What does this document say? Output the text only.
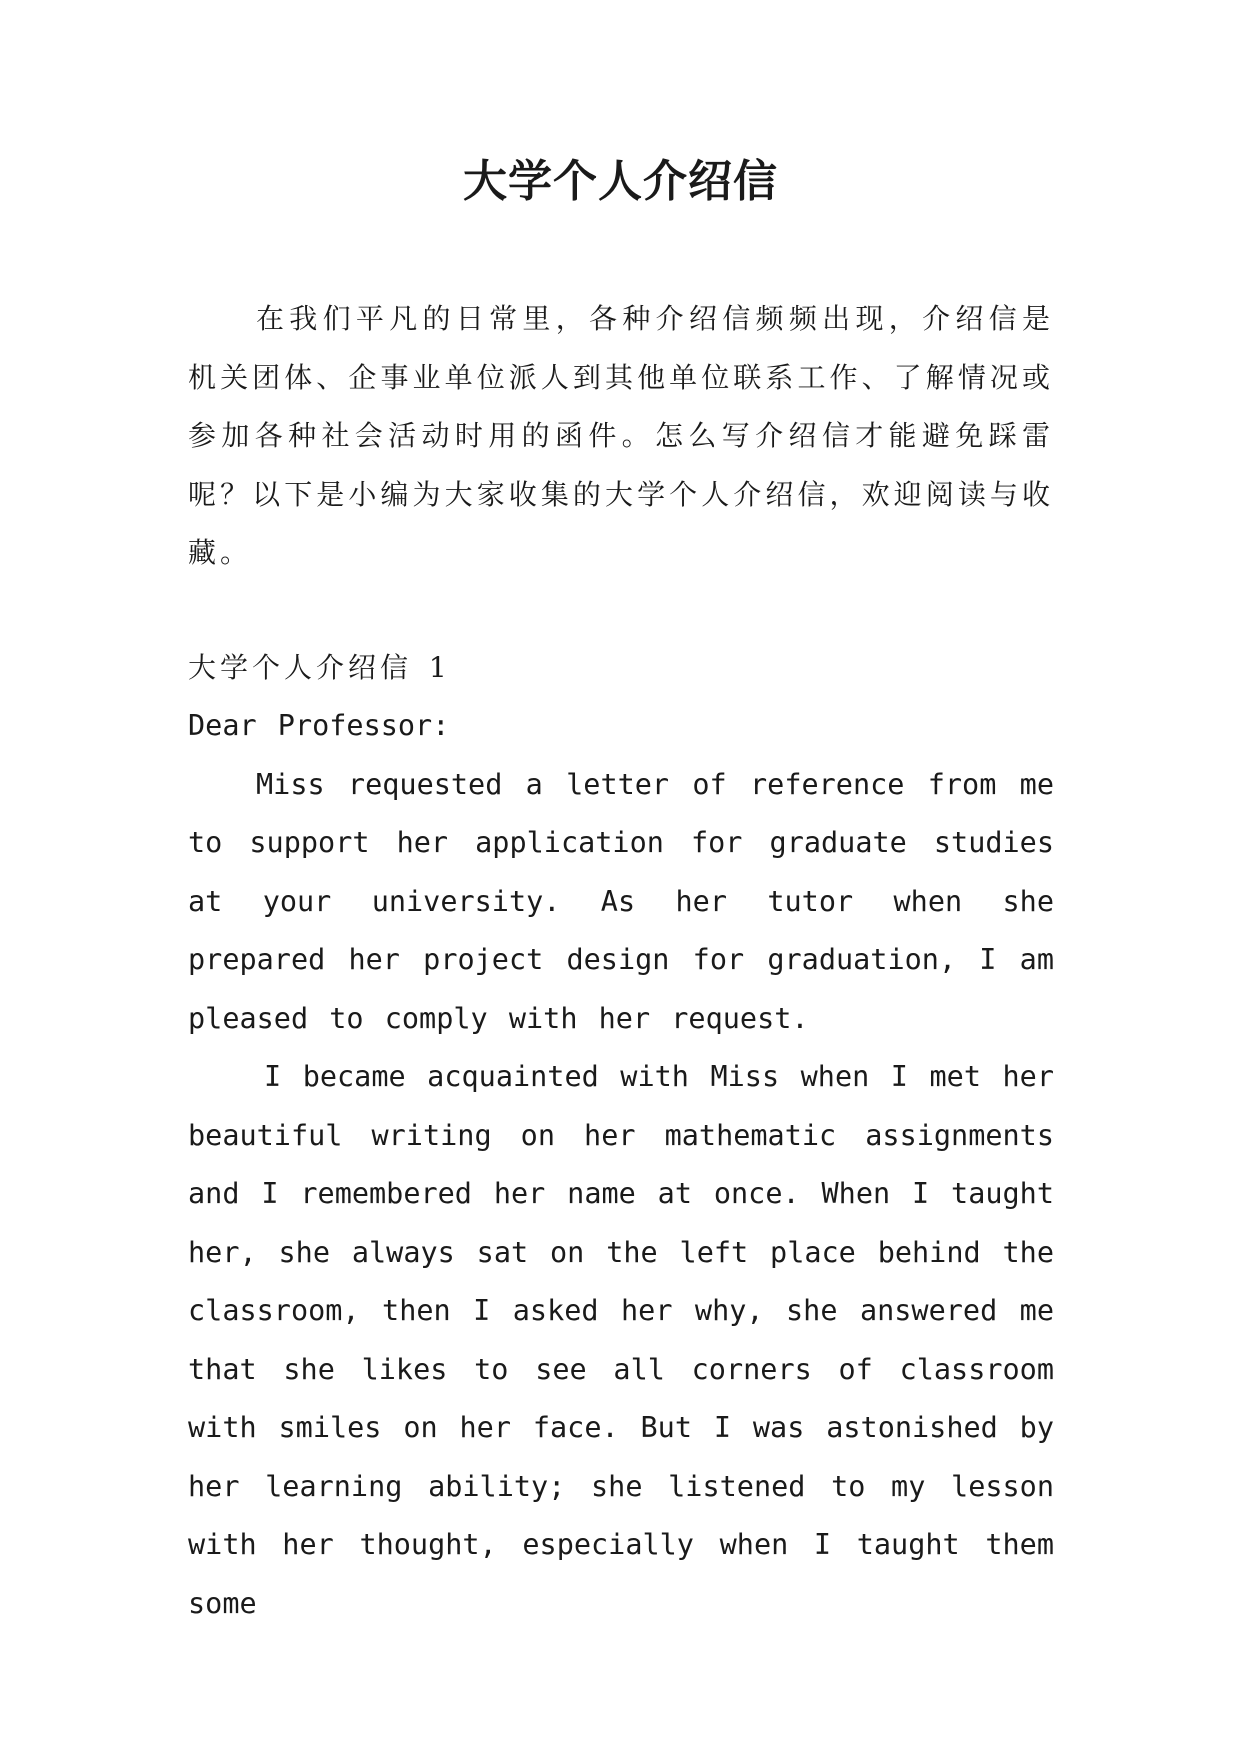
大学个人介绍信

在我们平凡的日常里，各种介绍信频频出现，介绍信是机关团体、企事业单位派人到其他单位联系工作、了解情况或参加各种社会活动时用的函件。怎么写介绍信才能避免踩雷呢？以下是小编为大家收集的大学个人介绍信，欢迎阅读与收藏。

大学个人介绍信 1

Dear Professor:

Miss requested a letter of reference from me to support her application for graduate studies at your university. As her tutor when she prepared her project design for graduation, I am pleased to comply with her request.

I became acquainted with Miss when I met her beautiful writing on her mathematic assignments and I remembered her name at once. When I taught her, she always sat on the left place behind the classroom, then I asked her why, she answered me that she likes to see all corners of classroom with smiles on her face. But I was astonished by her learning ability; she listened to my lesson with her thought, especially when I taught them some
